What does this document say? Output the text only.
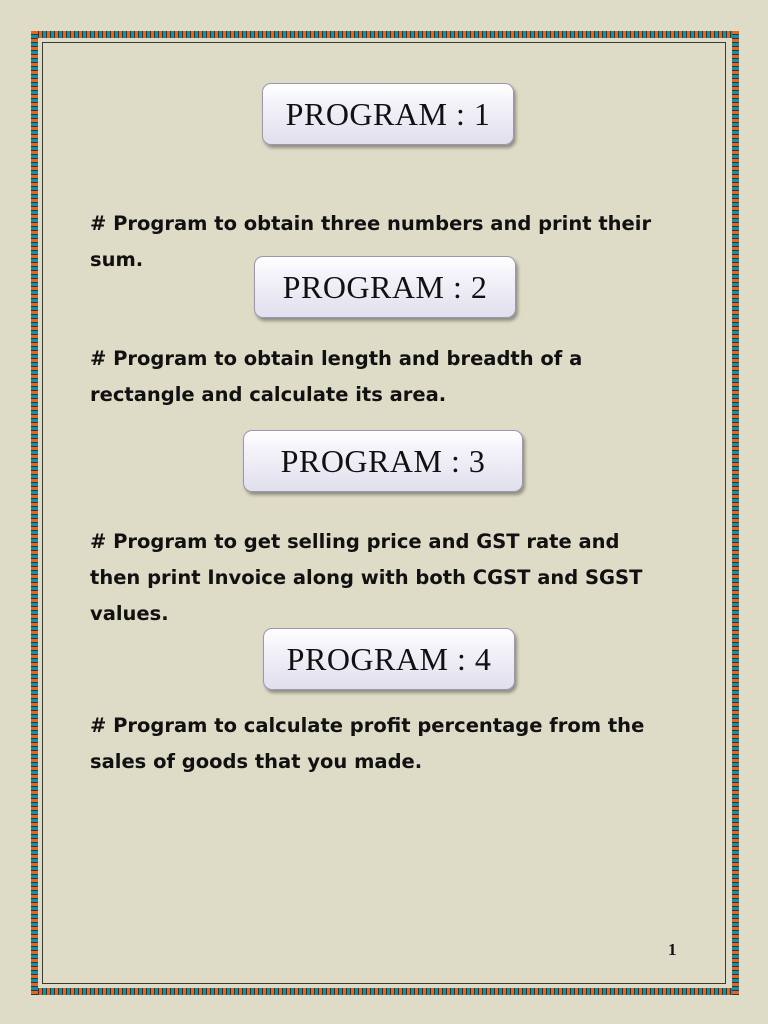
PROGRAM : 1
# Program to obtain three numbers and print their sum.
PROGRAM : 2
# Program to obtain length and breadth of a rectangle and calculate its area.
PROGRAM : 3
# Program to get selling price and GST rate and then print Invoice along with both CGST and SGST values.
PROGRAM : 4
# Program to calculate profit percentage from the sales of goods that you made.
1
